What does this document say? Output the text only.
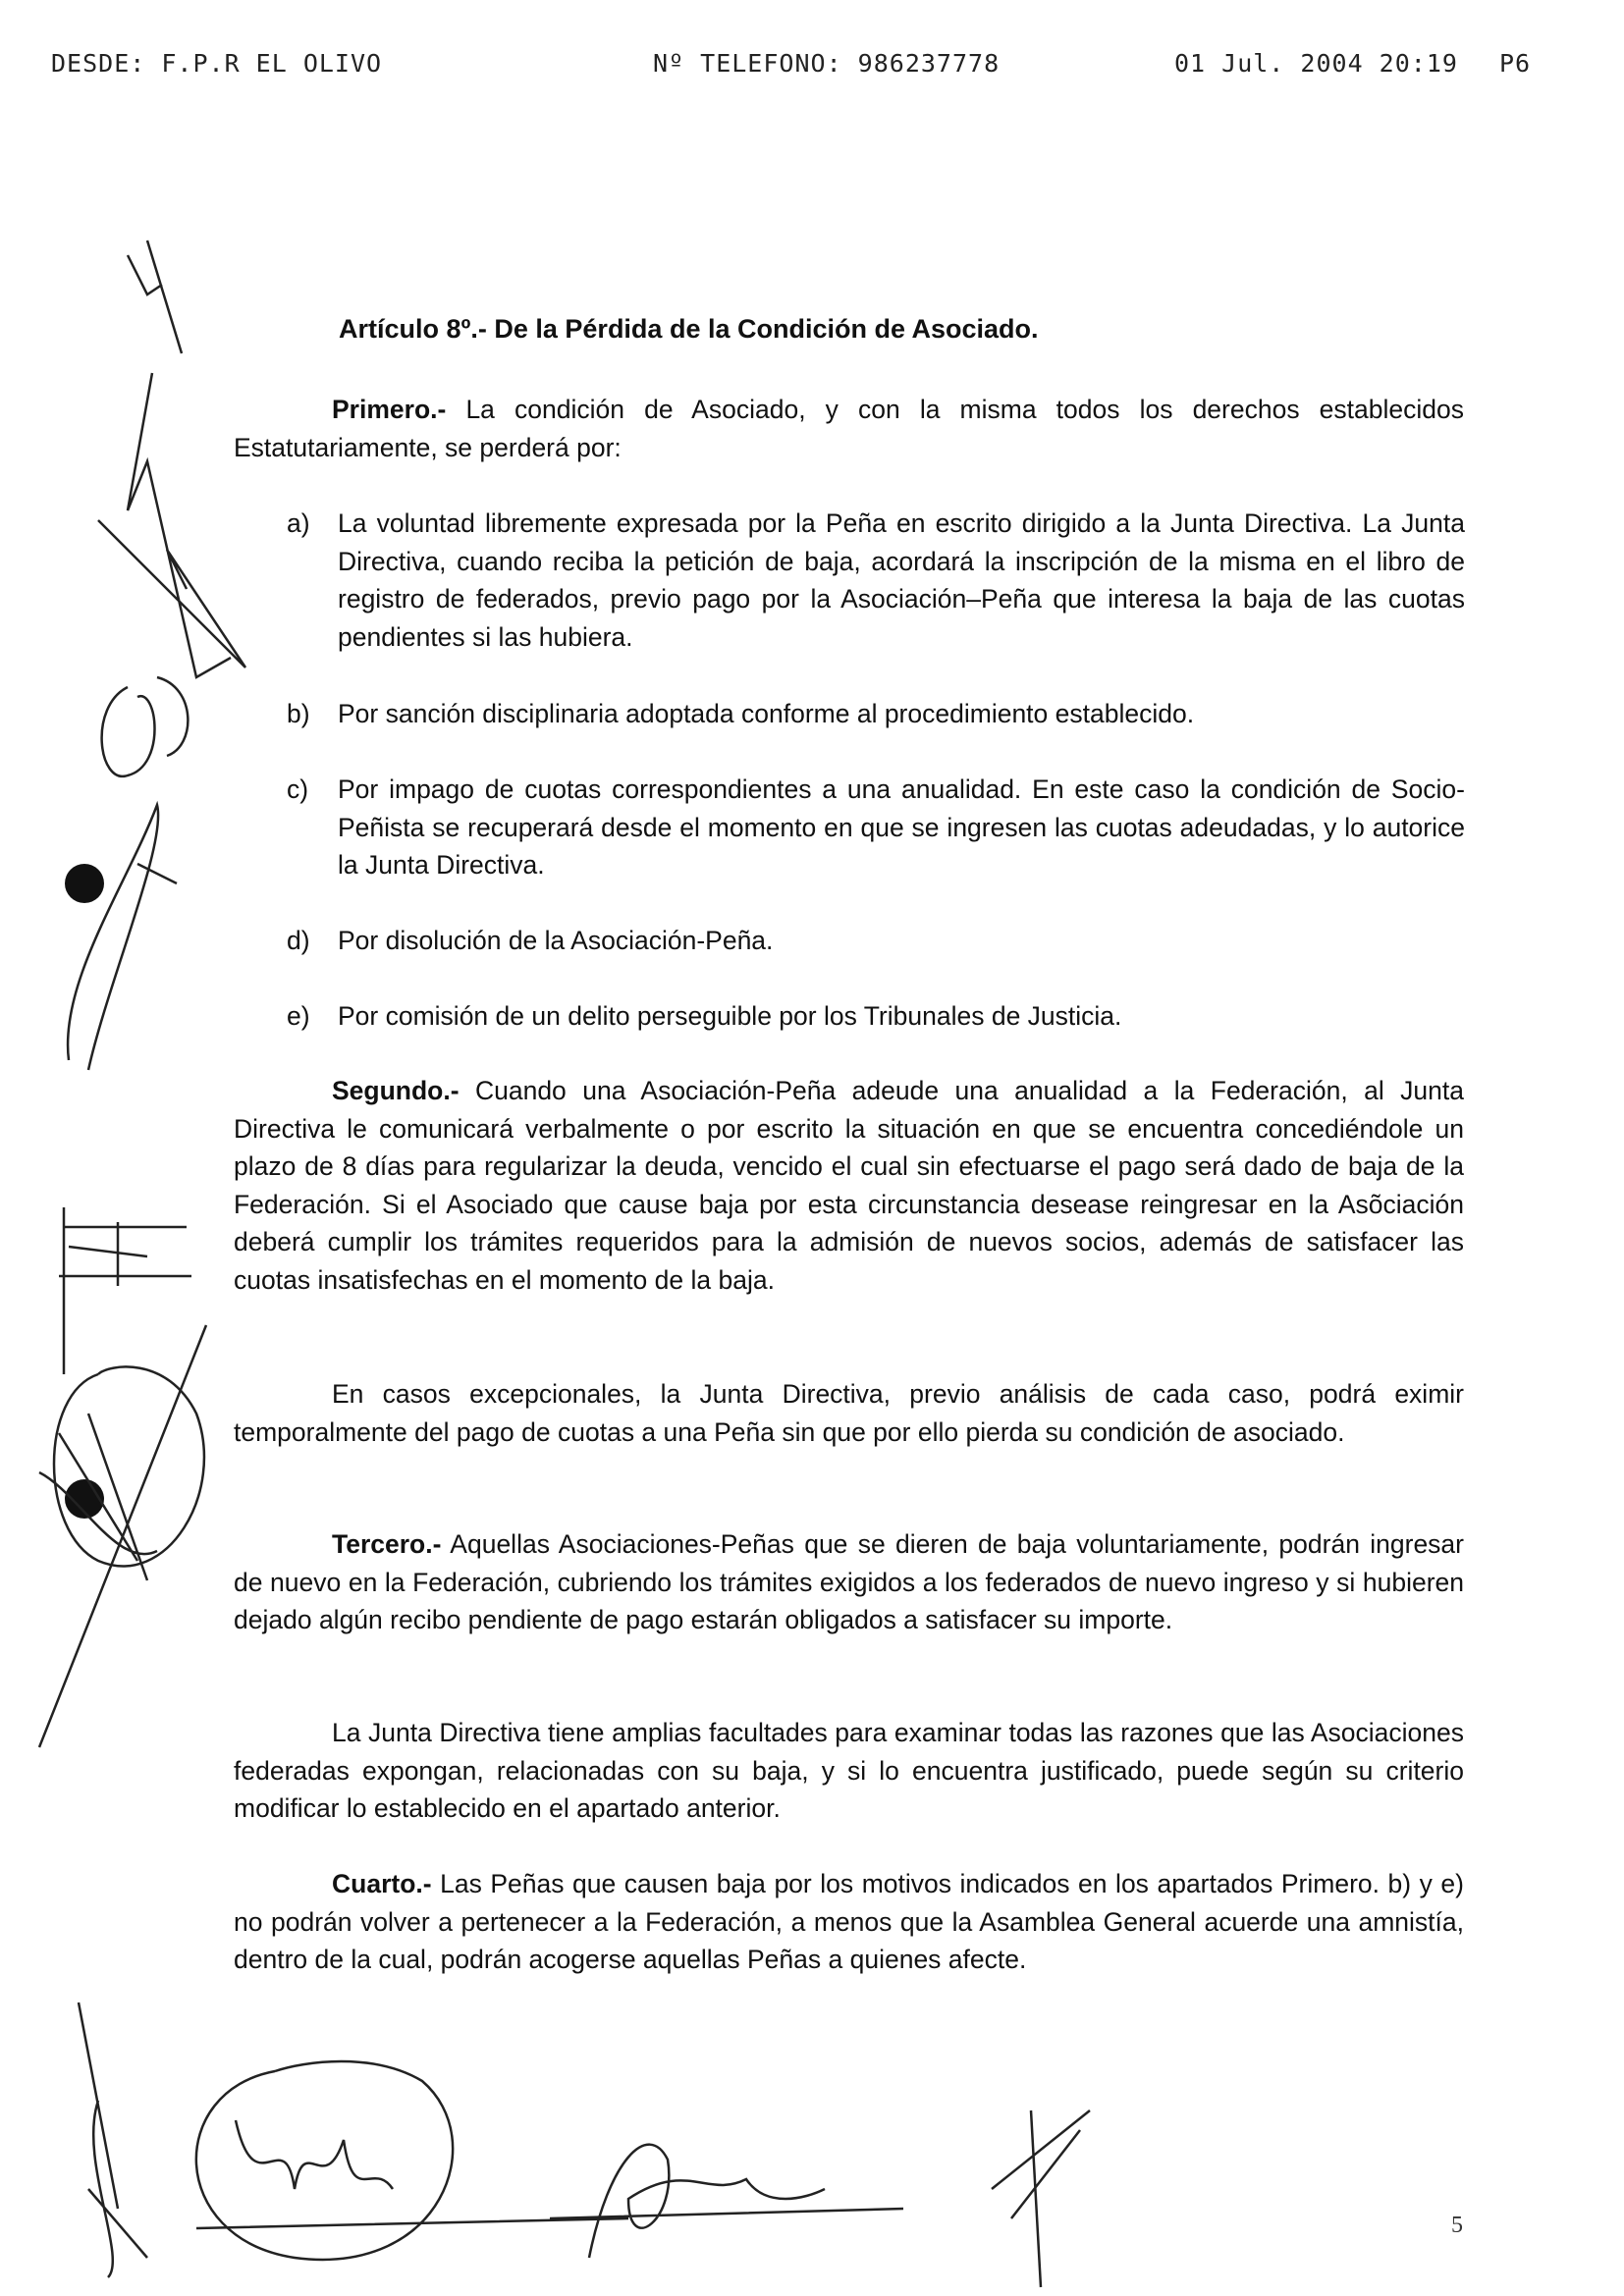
DESDE: F.P.R EL OLIVO	Nº TELEFONO: 986237778	01 Jul. 2004 20:19 P6
Artículo 8º.- De la Pérdida de la Condición de Asociado.
Primero.- La condición de Asociado, y con la misma todos los derechos establecidos Estatutariamente, se perderá por:
a)	La voluntad libremente expresada por la Peña en escrito dirigido a la Junta Directiva. La Junta Directiva, cuando reciba la petición de baja, acordará la inscripción de la misma en el libro de registro de federados, previo pago por la Asociación–Peña que interesa la baja de las cuotas pendientes si las hubiera.
b)	Por sanción disciplinaria adoptada conforme al procedimiento establecido.
c)	Por impago de cuotas correspondientes a una anualidad. En este caso la condición de Socio-Peñista se recuperará desde el momento en que se ingresen las cuotas adeudadas, y lo autorice la Junta Directiva.
d)	Por disolución de la Asociación-Peña.
e)	Por comisión de un delito perseguible por los Tribunales de Justicia.
Segundo.- Cuando una Asociación-Peña adeude una anualidad a la Federación, al Junta Directiva le comunicará verbalmente o por escrito la situación en que se encuentra concediéndole un plazo de 8 días para regularizar la deuda, vencido el cual sin efectuarse el pago será dado de baja de la Federación. Si el Asociado que cause baja por esta circunstancia desease reingresar en la Asõciación deberá cumplir los trámites requeridos para la admisión de nuevos socios, además de satisfacer las cuotas insatisfechas en el momento de la baja.
En casos excepcionales, la Junta Directiva, previo análisis de cada caso, podrá eximir temporalmente del pago de cuotas a una Peña sin que por ello pierda su condición de asociado.
Tercero.- Aquellas Asociaciones-Peñas que se dieren de baja voluntariamente, podrán ingresar de nuevo en la Federación, cubriendo los trámites exigidos a los federados de nuevo ingreso y si hubieren dejado algún recibo pendiente de pago estarán obligados a satisfacer su importe.
La Junta Directiva tiene amplias facultades para examinar todas las razones que las Asociaciones federadas expongan, relacionadas con su baja, y si lo encuentra justificado, puede según su criterio modificar lo establecido en el apartado anterior.
Cuarto.- Las Peñas que causen baja por los motivos indicados en los apartados Primero. b) y e) no podrán volver a pertenecer a la Federación, a menos que la Asamblea General acuerde una amnistía, dentro de la cual, podrán acogerse aquellas Peñas a quienes afecte.
5
